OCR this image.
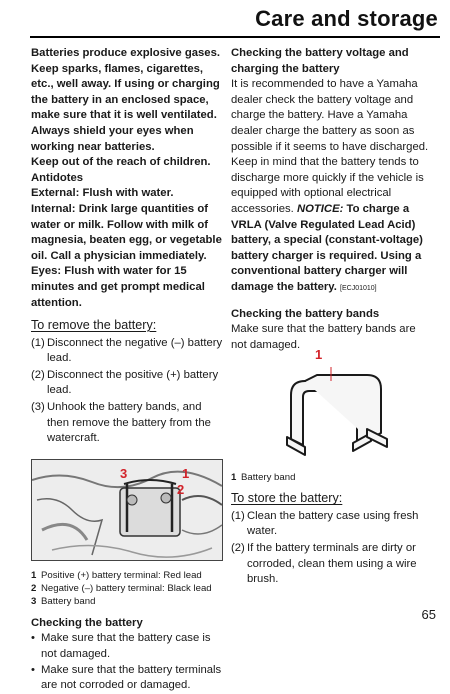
Care and storage

Batteries produce explosive gases. Keep sparks, flames, cigarettes, etc., well away. If using or charging the battery in an enclosed space, make sure that it is well ventilated. Always shield your eyes when working near batteries.

Keep out of the reach of children.

Antidotes

External: Flush with water.

Internal: Drink large quantities of water or milk. Follow with milk of magnesia, beaten egg, or vegetable oil. Call a physician immediately.

Eyes: Flush with water for 15 minutes and get prompt medical attention.

To remove the battery:
(1) Disconnect the negative (–) battery lead.
(2) Disconnect the positive (+) battery lead.
(3) Unhook the battery bands, and then remove the battery from the watercraft.
3	1
2
1 Positive (+) battery terminal: Red lead
2 Negative (–) battery terminal: Black lead
3 Battery band
Checking the battery
• Make sure that the battery case is not damaged.
• Make sure that the battery terminals are not corroded or damaged.
Checking the battery voltage and charging the battery
It is recommended to have a Yamaha dealer check the battery voltage and charge the battery. Have a Yamaha dealer charge the battery as soon as possible if it seems to have discharged. Keep in mind that the battery tends to discharge more quickly if the vehicle is equipped with optional electrical accessories. NOTICE: To charge a VRLA (Valve Regulated Lead Acid) battery, a special (constant-voltage) battery charger is required. Using a conventional battery charger will damage the battery. [ECJ01010]
Checking the battery bands
Make sure that the battery bands are not damaged.
1
1 Battery band
To store the battery:
(1) Clean the battery case using fresh water.
(2) If the battery terminals are dirty or corroded, clean them using a wire brush.
65
